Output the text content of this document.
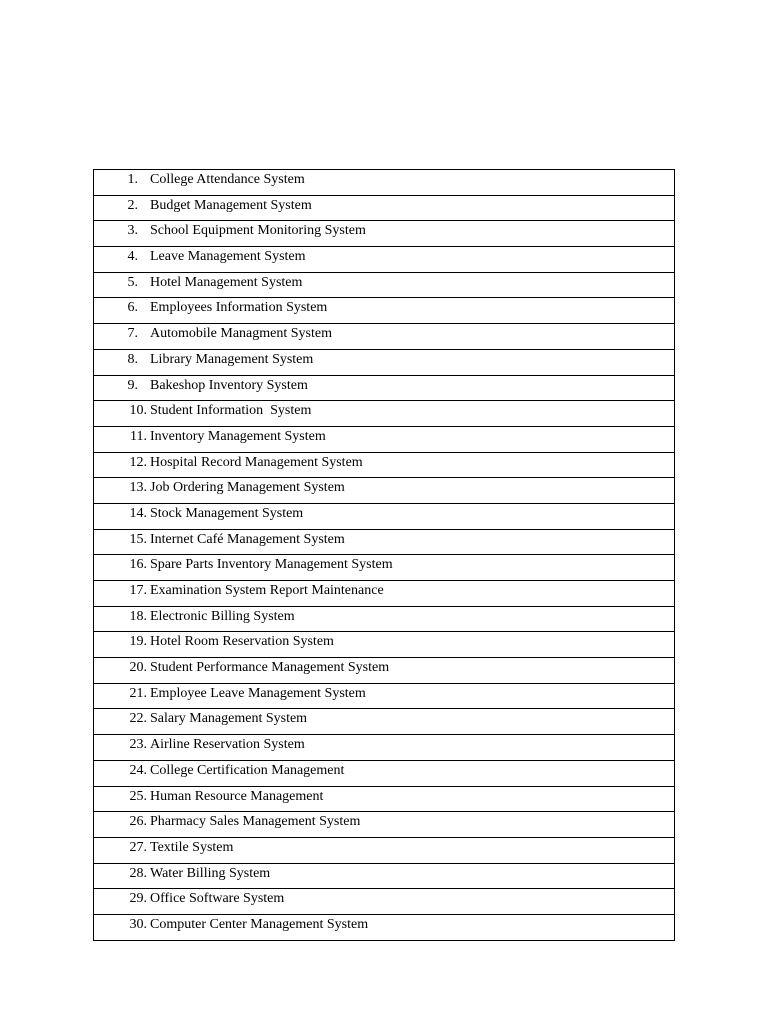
1. College Attendance System

2. Budget Management System

3. School Equipment Monitoring System

4. Leave Management System

5. Hotel Management System

6. Employees Information System

7. Automobile Managment System

8. Library Management System

9. Bakeshop Inventory System

10. Student Information  System

11. Inventory Management System

12. Hospital Record Management System

13. Job Ordering Management System

14. Stock Management System

15. Internet Café Management System

16. Spare Parts Inventory Management System

17. Examination System Report Maintenance

18. Electronic Billing System

19. Hotel Room Reservation System

20. Student Performance Management System

21. Employee Leave Management System

22. Salary Management System

23. Airline Reservation System

24. College Certification Management

25. Human Resource Management

26. Pharmacy Sales Management System

27. Textile System

28. Water Billing System

29. Office Software System

30. Computer Center Management System
